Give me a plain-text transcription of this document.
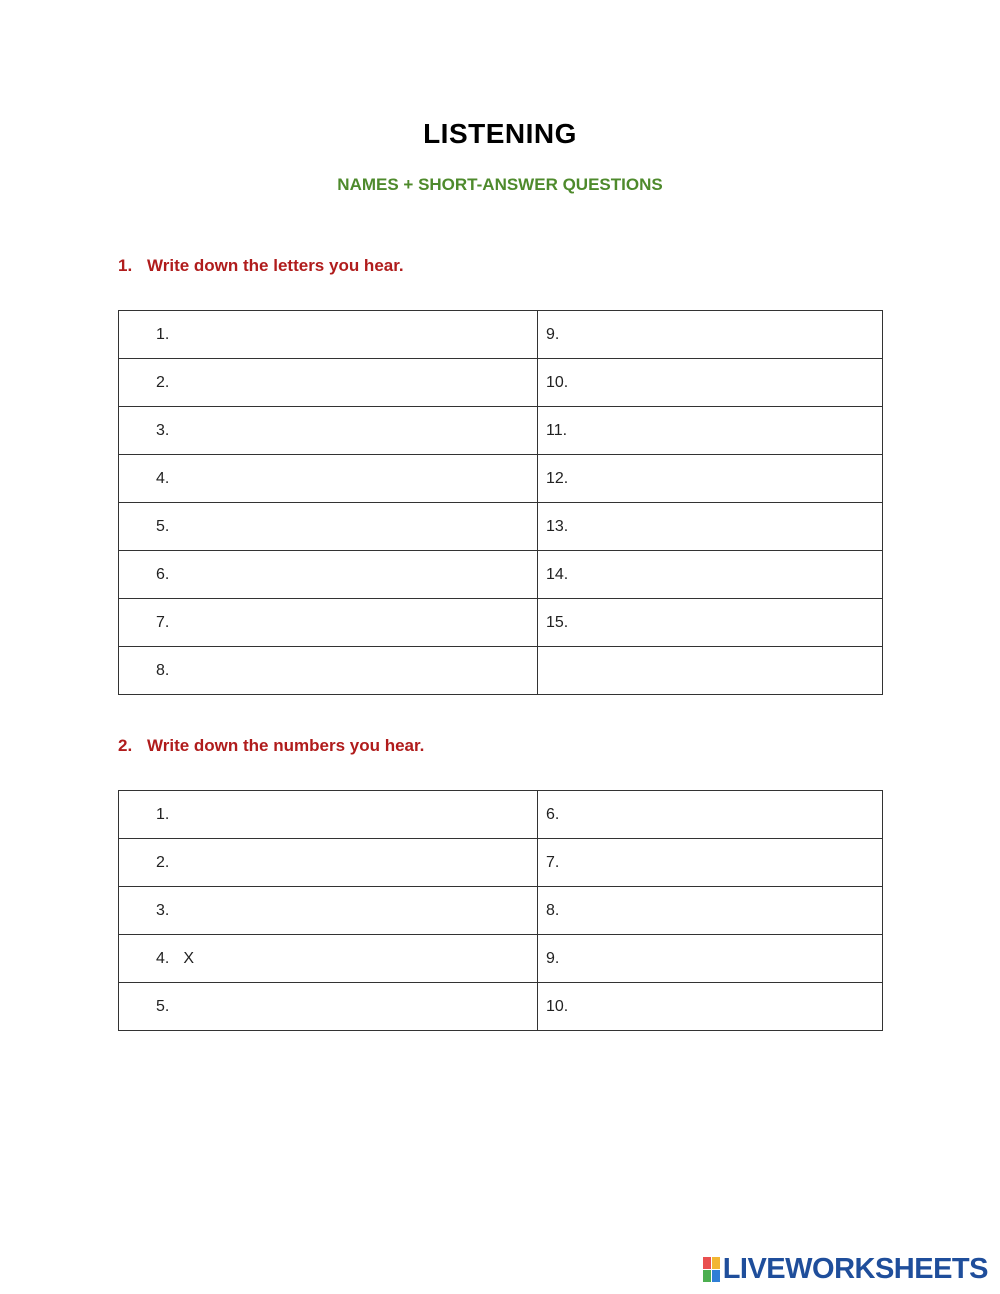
LISTENING
NAMES + SHORT-ANSWER QUESTIONS
1. Write down the letters you hear.
1.	9.
2.	10.
3.	11.
4.	12.
5.	13.
6.	14.
7.	15.
8.	
2. Write down the numbers you hear.
1.	6.
2.	7.
3.	8.
4. X	9.
5.	10.
LIVEWORKSHEETS
